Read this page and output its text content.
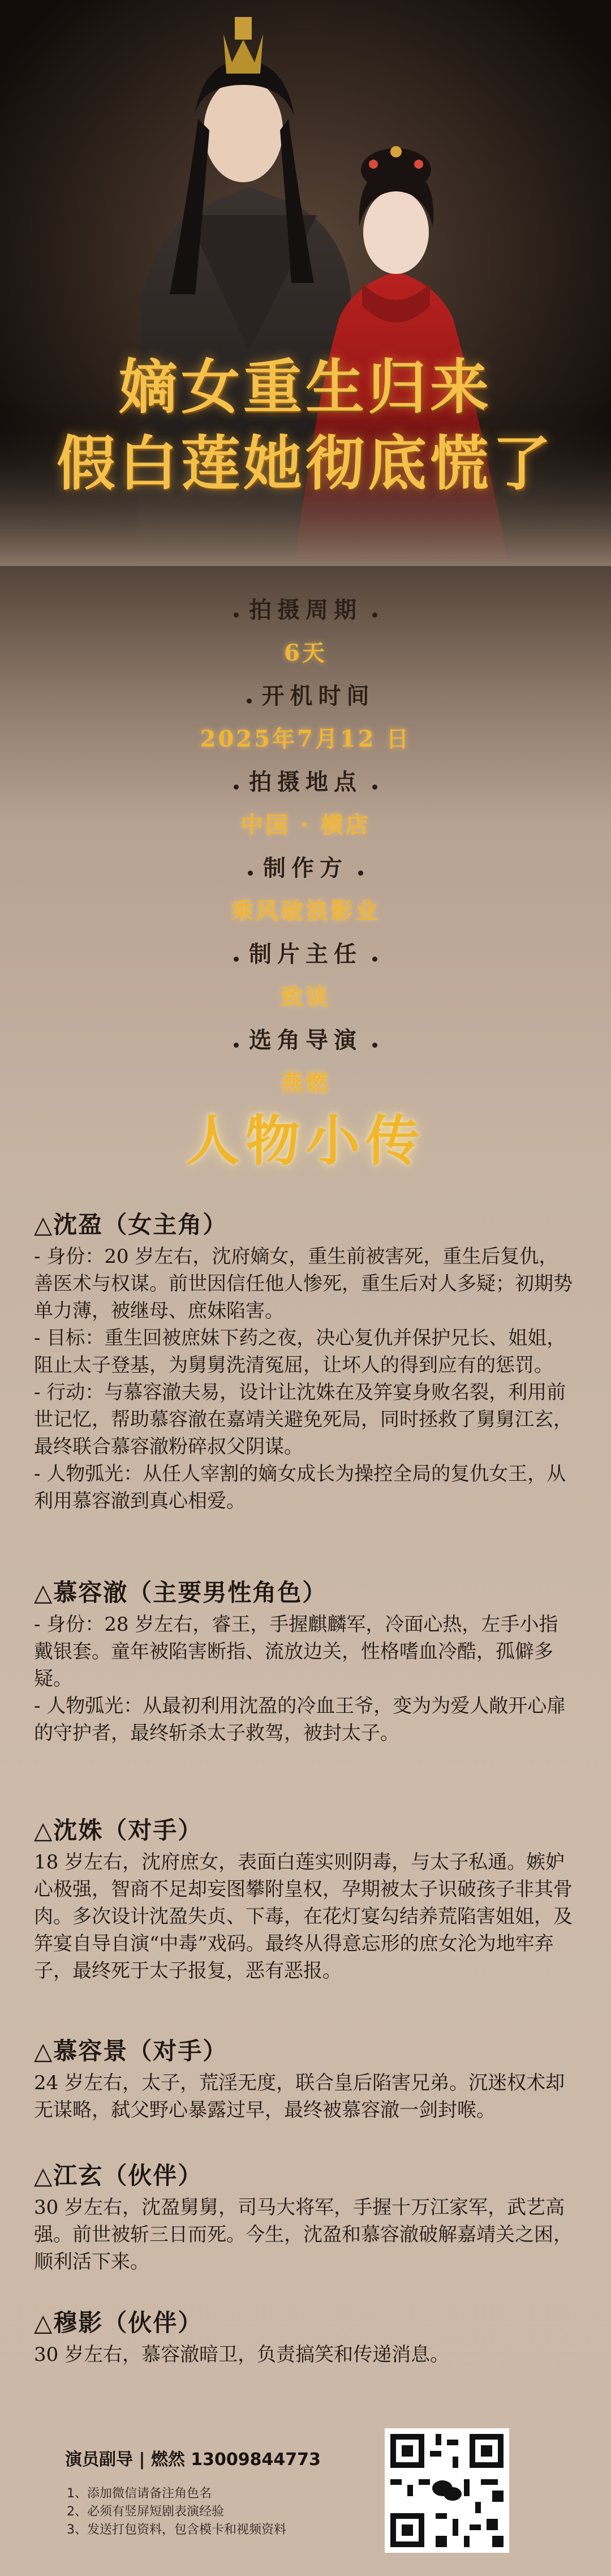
嫡女重生归来
假白莲她彻底慌了
拍摄周期
6天
开机时间
2025年7月12 日
拍摄地点
中国 · 横店
制作方
乘风破浪影业
制片主任
致谈
选角导演
燕燃
人物小传
△沈盈（女主角）

- 身份：20 岁左右，沈府嫡女，重生前被害死，重生后复仇，善医术与权谋。前世因信任他人惨死，重生后对人多疑；初期势单力薄，被继母、庶妹陷害。

- 目标：重生回被庶妹下药之夜，决心复仇并保护兄长、姐姐，阻止太子登基，为舅舅洗清冤屈，让坏人的得到应有的惩罚。

- 行动：与慕容澈夫易，设计让沈姝在及笄宴身败名裂，利用前世记忆，帮助慕容澈在嘉靖关避免死局，同时拯救了舅舅江玄，最终联合慕容澈粉碎叔父阴谋。

- 人物弧光：从任人宰割的嫡女成长为操控全局的复仇女王，从利用慕容澈到真心相爱。

△慕容澈（主要男性角色）

- 身份：28 岁左右，睿王，手握麒麟军，冷面心热，左手小指戴银套。童年被陷害断指、流放边关，性格嗜血冷酷，孤僻多疑。

- 人物弧光：从最初利用沈盈的冷血王爷，变为为爱人敞开心扉的守护者，最终斩杀太子救驾，被封太子。

△沈姝（对手）

18 岁左右，沈府庶女，表面白莲实则阴毒，与太子私通。嫉妒心极强，智商不足却妄图攀附皇权，孕期被太子识破孩子非其骨肉。多次设计沈盈失贞、下毒，在花灯宴勾结养荒陷害姐姐，及笄宴自导自演“中毒”戏码。最终从得意忘形的庶女沦为地牢弃子，最终死于太子报复，恶有恶报。

△慕容景（对手）

24 岁左右，太子，荒淫无度，联合皇后陷害兄弟。沉迷权术却无谋略，弑父野心暴露过早，最终被慕容澈一剑封喉。

△江玄（伙伴）

30 岁左右，沈盈舅舅，司马大将军，手握十万江家军，武艺高强。前世被斩三日而死。今生，沈盈和慕容澈破解嘉靖关之困，顺利活下来。

△穆影（伙伴）

30 岁左右，慕容澈暗卫，负责搞笑和传递消息。

演员副导 | 燃然 13009844773
1、添加微信请备注角色名
2、必须有竖屏短剧表演经验
3、发送打包资料，包含模卡和视频资料
